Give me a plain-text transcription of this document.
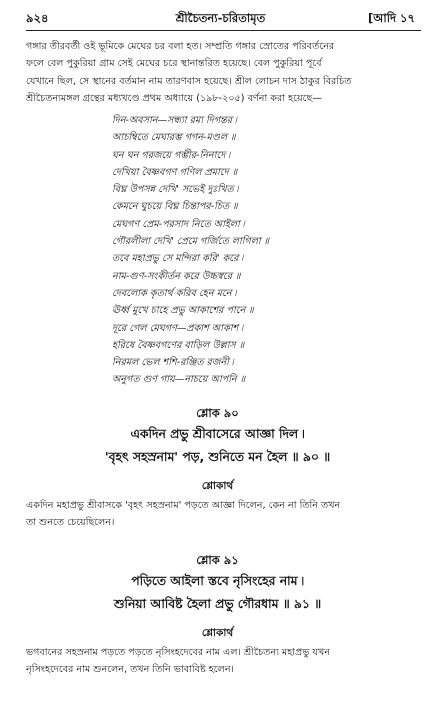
৯২৪	শ্রীচৈতন্য-চরিতামৃত	[আদি ১৭

গঙ্গার তীরবর্তী ওই ভূমিকে মেঘের চর বলা হত। সম্প্রতি গঙ্গার স্রোতের পরিবর্তনের

ফলে বেল পুকুরিয়া গ্রাম সেই মেঘের চরে স্থানান্তরিত হয়েছে। বেল পুকুরিয়া পূর্বে

যেখানে ছিল, সে স্থানের বর্তমান নাম তারণবাস হয়েছে। শ্রীল লোচন দাস ঠাকুর বিরচিত

শ্রীচৈতন্যমঙ্গল গ্রন্থের মধ্যখণ্ডে প্রথম অধ্যায়ে (১৯৮-২০৫) বর্ণনা করা হয়েছে—

দিন-অবসান—সন্ধ্যা রম্য দিগন্তর ৷
আচম্বিতে মেঘারম্ভ গগন-মণ্ডল ॥
ঘন ঘন গরজয়ে গম্ভীর-নিনাদে ৷
দেখিয়া বৈষ্ণবগণ গণিল প্রমাদে ॥
বিঘ্ন উপসন্ন দেখি' সভেই দুঃখিত ৷
কেমনে ঘুচয়ে বিঘ্ন চিন্তাপর-চিত ॥
মেঘগণ প্রেম-পরসাদ নিতে আইলা ৷
গৌরলীলা দেখি' প্রেমে গর্জিতে লাগিলা ॥
তবে মহাপ্রভু সে মন্দিরা করি' করে ৷
নাম-গুণ-সংকীর্তন করে উচ্চস্বরে ॥
দেবলোক কৃতার্থ করিব হেন মনে ৷
ঊর্ধ্ব মুখে চাহে প্রভু আকাশের পানে ॥
দূরে গেল মেঘগণ—প্রকাশ আকাশ ৷
হরিষে বৈষ্ণবগণের বাড়িল উল্লাস ॥
নিরমল ভেল শশি-রঞ্জিত রজনী ৷
অনুগত গুণ গায়—নাচয়ে আপনি ॥
শ্লোক ৯০
একদিন প্রভু শ্রীবাসেরে আজ্ঞা দিল ৷
'বৃহৎ সহস্রনাম' পড়, শুনিতে মন হৈল ॥ ৯০ ॥
শ্লোকার্থ

একদিন মহাপ্রভু শ্রীবাসকে 'বৃহৎ সহস্রনাম' পড়তে আজ্ঞা দিলেন, কেন না তিনি তখন

তা শুনতে চেয়েছিলেন।

শ্লোক ৯১
পড়িতে আইলা স্তবে নৃসিংহের নাম ৷
শুনিয়া আবিষ্ট হৈলা প্রভু গৌরধাম ॥ ৯১ ॥
শ্লোকার্থ

ভগবানের সহস্রনাম পড়তে পড়তে নৃসিংহদেবের নাম এল। শ্রীচৈতন্য মহাপ্রভু যখন

নৃসিংহদেবের নাম শুনলেন, তখন তিনি ভাবাবিষ্ট হলেন।
